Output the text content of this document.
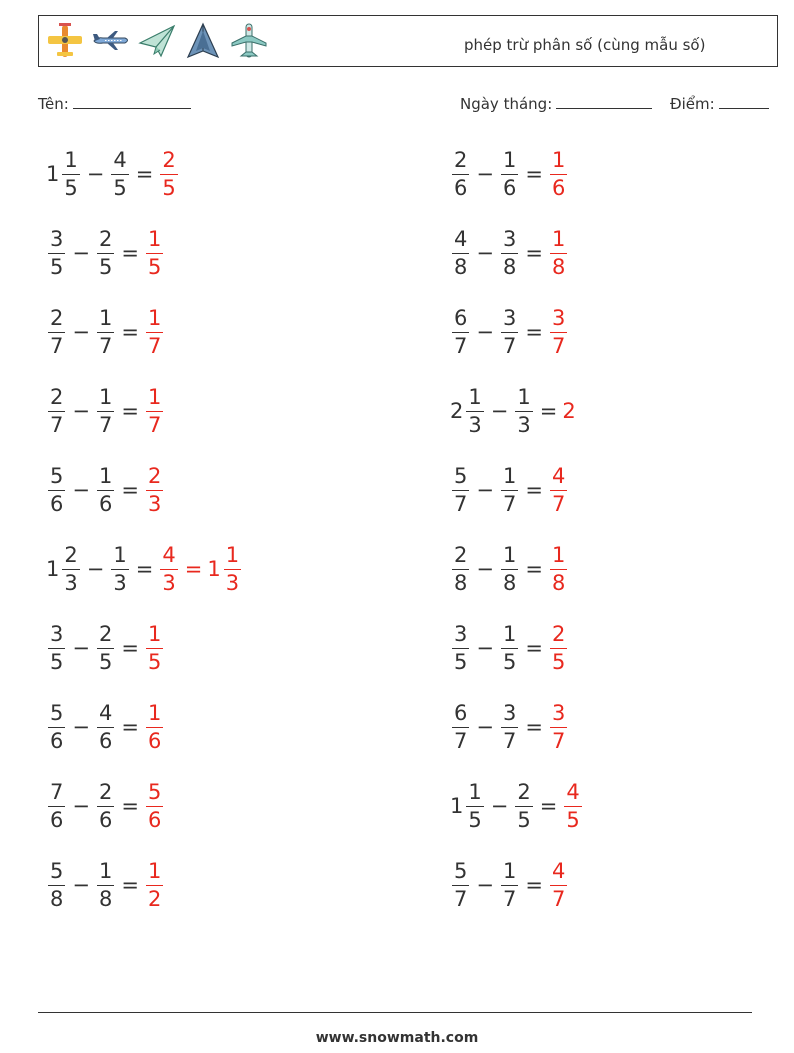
phép trừ phân số (cùng mẫu số)
Tên:	Ngày tháng:	Điểm:
$1 \frac{1}{5} - \frac{4}{5} = \frac{2}{5}$
$\frac{3}{5} - \frac{2}{5} = \frac{1}{5}$
$\frac{2}{7} - \frac{1}{7} = \frac{1}{7}$
$\frac{2}{7} - \frac{1}{7} = \frac{1}{7}$
$\frac{5}{6} - \frac{1}{6} = \frac{2}{3}$
$1 \frac{2}{3} - \frac{1}{3} = \frac{4}{3} = 1 \frac{1}{3}$
$\frac{3}{5} - \frac{2}{5} = \frac{1}{5}$
$\frac{5}{6} - \frac{4}{6} = \frac{1}{6}$
$\frac{7}{6} - \frac{2}{6} = \frac{5}{6}$
$\frac{5}{8} - \frac{1}{8} = \frac{1}{2}$
$\frac{2}{6} - \frac{1}{6} = \frac{1}{6}$
$\frac{4}{8} - \frac{3}{8} = \frac{1}{8}$
$\frac{6}{7} - \frac{3}{7} = \frac{3}{7}$
$2 \frac{1}{3} - \frac{1}{3} = 2$
$\frac{5}{7} - \frac{1}{7} = \frac{4}{7}$
$\frac{2}{8} - \frac{1}{8} = \frac{1}{8}$
$\frac{3}{5} - \frac{1}{5} = \frac{2}{5}$
$\frac{6}{7} - \frac{3}{7} = \frac{3}{7}$
$1 \frac{1}{5} - \frac{2}{5} = \frac{4}{5}$
$\frac{5}{7} - \frac{1}{7} = \frac{4}{7}$
www.snowmath.com
